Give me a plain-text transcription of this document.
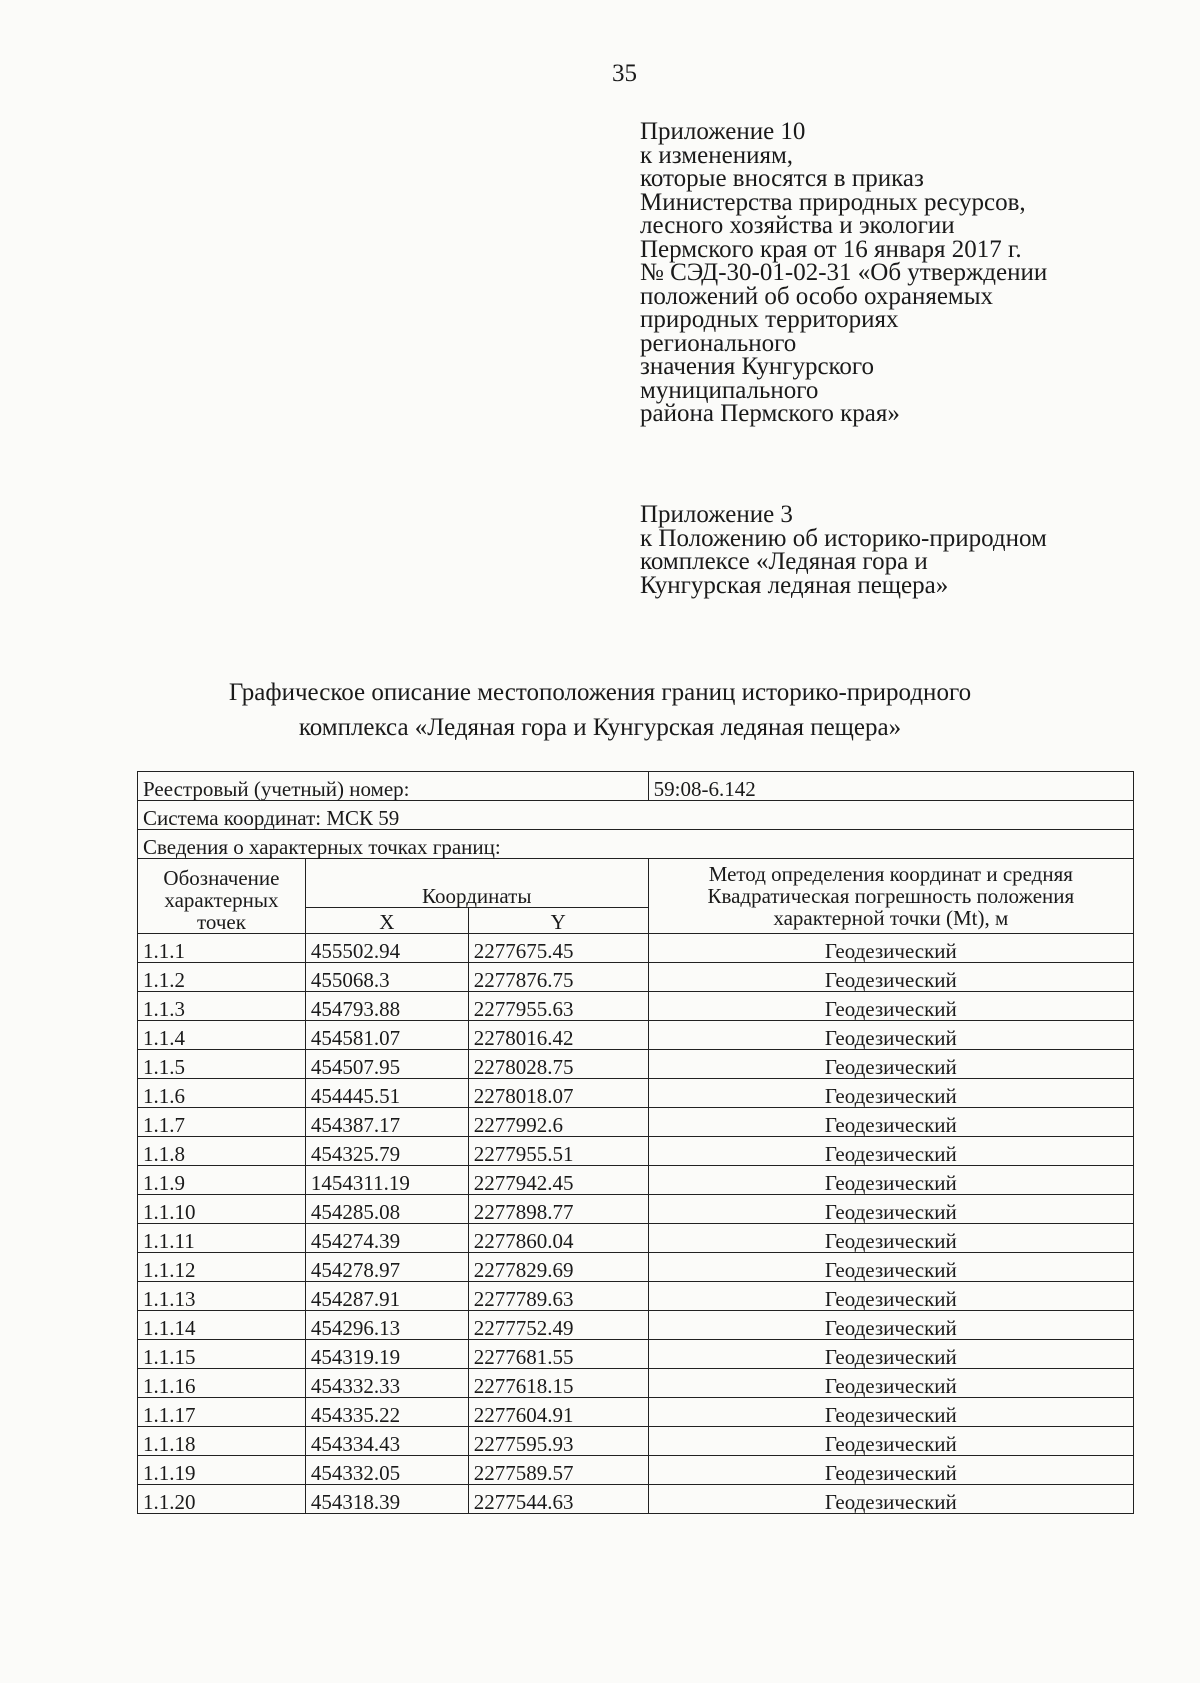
35
Приложение 10
к изменениям,
которые вносятся в приказ
Министерства природных ресурсов,
лесного хозяйства и экологии
Пермского края от 16 января 2017 г.
№ СЭД-30-01-02-31 «Об утверждении
положений об особо охраняемых
природных территориях
регионального
значения Кунгурского
муниципального
района Пермского края»
Приложение 3
к Положению об историко-природном
комплексе «Ледяная гора и
Кунгурская ледяная пещера»
Графическое описание местоположения границ историко-природного
комплекса «Ледяная гора и Кунгурская ледяная пещера»
Реестровый (учетный) номер:			59:08-6.142
Система координат: МСК 59			
Сведения о характерных точках границ:			
Обозначение характерных точек	Координаты		Метод определения координат и средняя Квадратическая погрешность положения характерной точки (Mt), м
	X	Y	
1.1.1	455502.94	2277675.45	Геодезический
1.1.2	455068.3	2277876.75	Геодезический
1.1.3	454793.88	2277955.63	Геодезический
1.1.4	454581.07	2278016.42	Геодезический
1.1.5	454507.95	2278028.75	Геодезический
1.1.6	454445.51	2278018.07	Геодезический
1.1.7	454387.17	2277992.6	Геодезический
1.1.8	454325.79	2277955.51	Геодезический
1.1.9	1454311.19	2277942.45	Геодезический
1.1.10	454285.08	2277898.77	Геодезический
1.1.11	454274.39	2277860.04	Геодезический
1.1.12	454278.97	2277829.69	Геодезический
1.1.13	454287.91	2277789.63	Геодезический
1.1.14	454296.13	2277752.49	Геодезический
1.1.15	454319.19	2277681.55	Геодезический
1.1.16	454332.33	2277618.15	Геодезический
1.1.17	454335.22	2277604.91	Геодезический
1.1.18	454334.43	2277595.93	Геодезический
1.1.19	454332.05	2277589.57	Геодезический
1.1.20	454318.39	2277544.63	Геодезический
